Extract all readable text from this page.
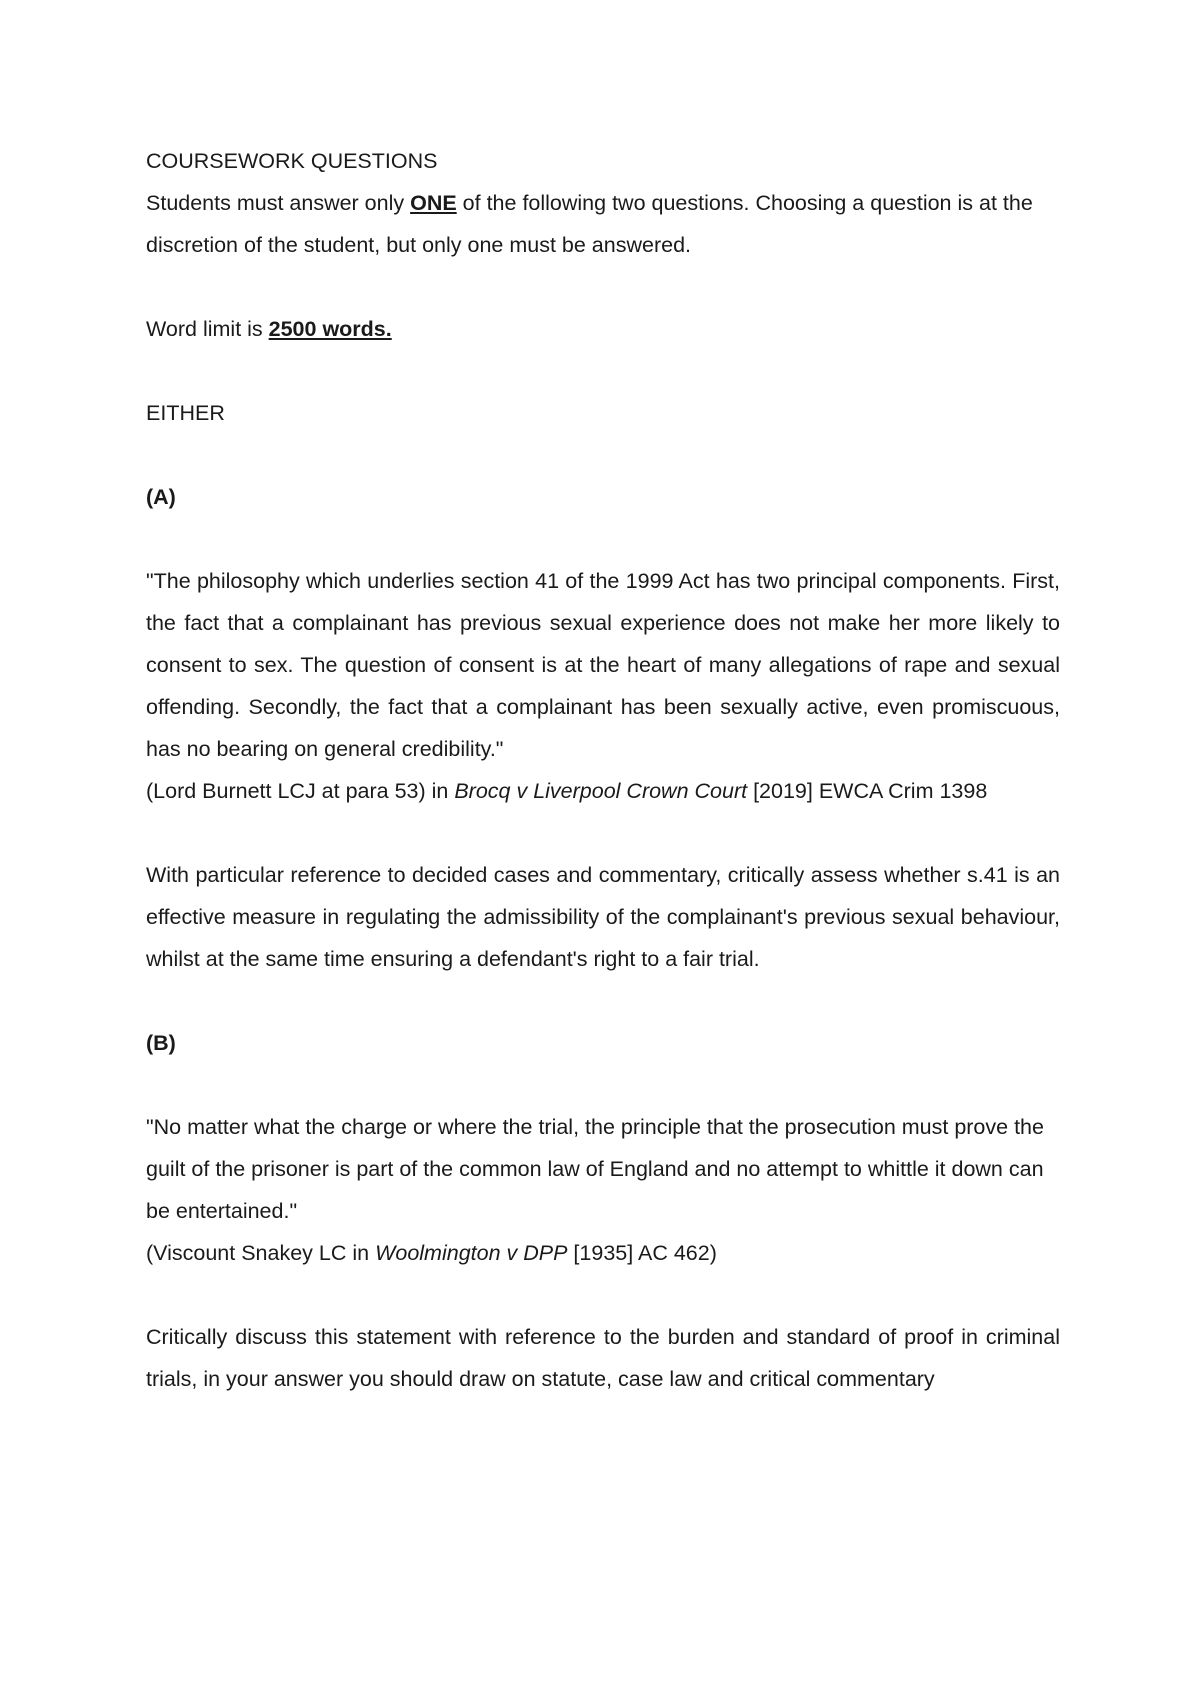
COURSEWORK QUESTIONS

Students must answer only ONE of the following two questions. Choosing a question is at the discretion of the student, but only one must be answered.

Word limit is 2500 words.

EITHER

(A)

"The philosophy which underlies section 41 of the 1999 Act has two principal components. First, the fact that a complainant has previous sexual experience does not make her more likely to consent to sex. The question of consent is at the heart of many allegations of rape and sexual offending. Secondly, the fact that a complainant has been sexually active, even promiscuous, has no bearing on general credibility."

(Lord Burnett LCJ at para 53) in Brocq v Liverpool Crown Court [2019] EWCA Crim 1398

With particular reference to decided cases and commentary, critically assess whether s.41 is an effective measure in regulating the admissibility of the complainant's previous sexual behaviour, whilst at the same time ensuring a defendant's right to a fair trial.

(B)

"No matter what the charge or where the trial, the principle that the prosecution must prove the guilt of the prisoner is part of the common law of England and no attempt to whittle it down can be entertained."

(Viscount Snakey LC in Woolmington v DPP [1935] AC 462)

Critically discuss this statement with reference to the burden and standard of proof in criminal trials, in your answer you should draw on statute, case law and critical commentary
